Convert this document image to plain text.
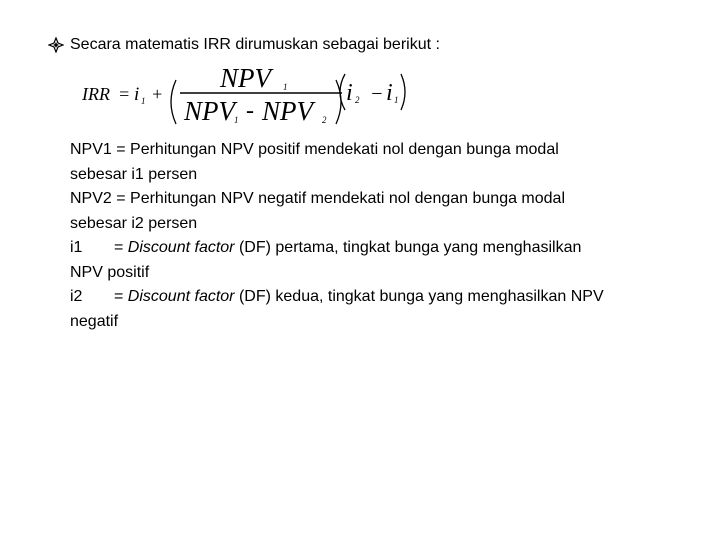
Secara matematis IRR dirumuskan sebagai berikut :
IRR = i 1 +
NPV	1
NPV 1 - NPV	2
i 2 − i 1

NPV1 = Perhitungan NPV positif mendekati nol dengan bunga modal
sebesar i1 persen

NPV2 = Perhitungan NPV negatif mendekati nol dengan bunga modal
sebesar i2 persen

i1 = Discount factor (DF) pertama, tingkat bunga yang menghasilkan
NPV positif

i2 = Discount factor (DF) kedua, tingkat bunga yang menghasilkan NPV
negatif
